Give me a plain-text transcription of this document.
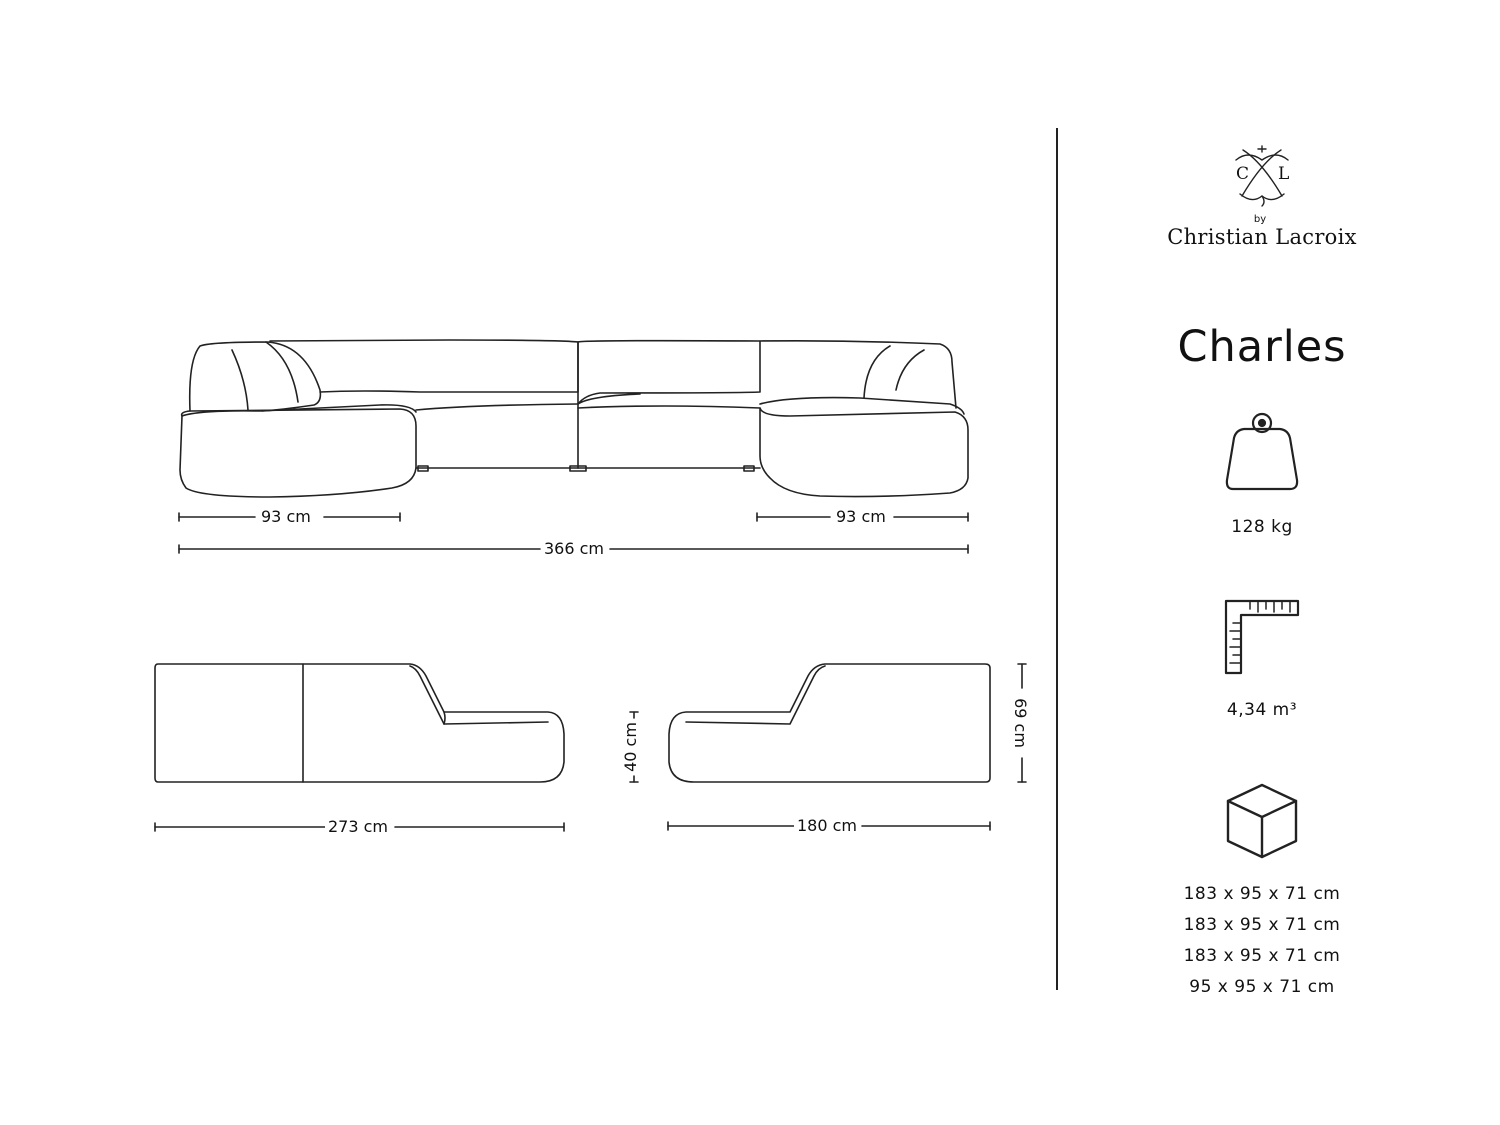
93 cm	93 cm
366 cm
273 cm	180 cm
40 cm	69 cm
C L
by
Christian Lacroix
Charles
128 kg
4,34 m³
183 x 95 x 71 cm
183 x 95 x 71 cm
183 x 95 x 71 cm
95 x 95 x 71 cm
